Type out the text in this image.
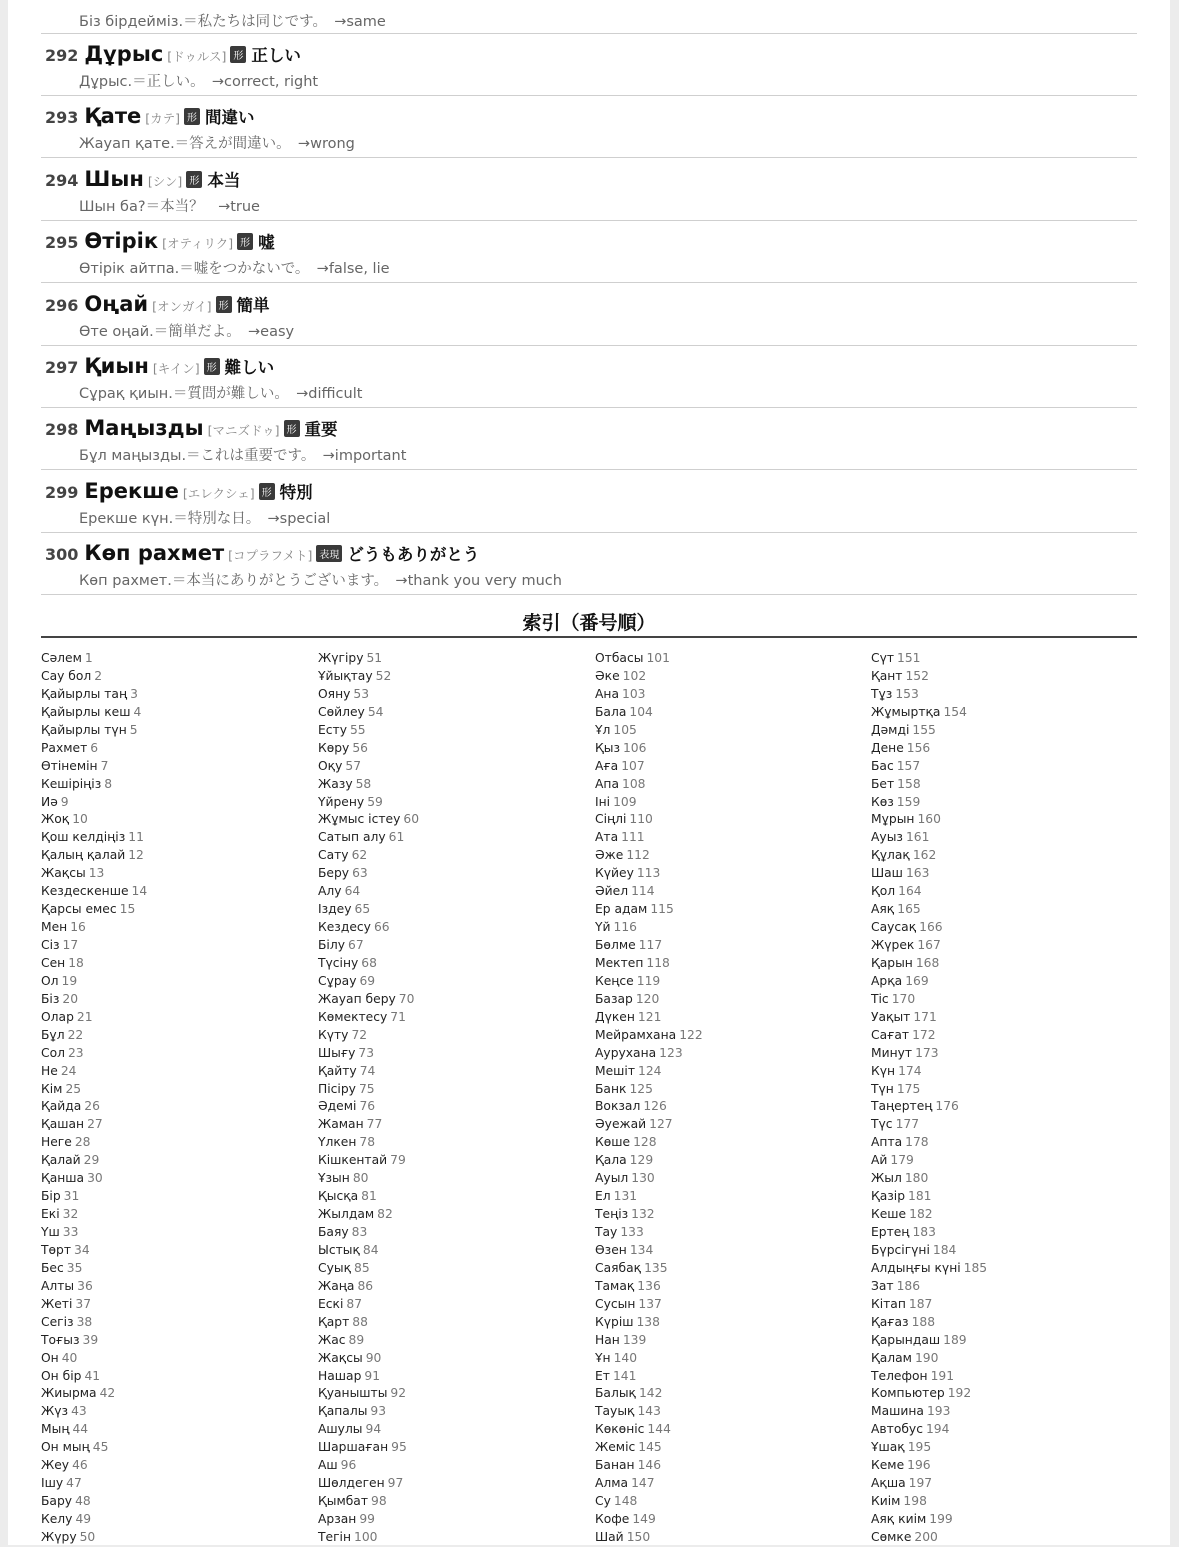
Біз бірдейміз.＝私たちは同じです。　→same
292 Дұрыс [ドゥルス] 形 正しい
Дұрыс.＝正しい。　→correct, right
293 Қате [カテ] 形 間違い
Жауап қате.＝答えが間違い。　→wrong
294 Шын [シン] 形 本当
Шын ба?＝本当？　→true
295 Өтірік [オティリク] 形 嘘
Өтірік айтпа.＝嘘をつかないで。　→false, lie
296 Оңай [オンガイ] 形 簡単
Өте оңай.＝簡単だよ。　→easy
297 Қиын [キイン] 形 難しい
Сұрақ қиын.＝質問が難しい。　→difficult
298 Маңызды [マニズドゥ] 形 重要
Бұл маңызды.＝これは重要です。　→important
299 Ерекше [エレクシェ] 形 特別
Ерекше күн.＝特別な日。　→special
300 Көп рахмет [コプラフメト] 表現 どうもありがとう
Көп рахмет.＝本当にありがとうございます。　→thank you very much
索引（番号順）
Сәлем 1
Сау бол 2
Қайырлы таң 3
Қайырлы кеш 4
Қайырлы түн 5
Рахмет 6
Өтінемін 7
Кешіріңіз 8
Иә 9
Жоқ 10
Қош келдіңіз 11
Қалың қалай 12
Жақсы 13
Кездескенше 14
Қарсы емес 15
Мен 16
Сіз 17
Сен 18
Ол 19
Біз 20
Олар 21
Бұл 22
Сол 23
Не 24
Кім 25
Қайда 26
Қашан 27
Неге 28
Қалай 29
Қанша 30
Бір 31
Екі 32
Үш 33
Төрт 34
Бес 35
Алты 36
Жеті 37
Сегіз 38
Тоғыз 39
Он 40
Он бір 41
Жиырма 42
Жүз 43
Мың 44
Он мың 45
Жеу 46
Ішу 47
Бару 48
Келу 49
Жүру 50
Жүгіру 51
Ұйықтау 52
Ояну 53
Сөйлеу 54
Есту 55
Көру 56
Оқу 57
Жазу 58
Үйрену 59
Жұмыс істеу 60
Сатып алу 61
Сату 62
Беру 63
Алу 64
Іздеу 65
Кездесу 66
Білу 67
Түсіну 68
Сұрау 69
Жауап беру 70
Көмектесу 71
Күту 72
Шығу 73
Қайту 74
Пісіру 75
Әдемі 76
Жаман 77
Үлкен 78
Кішкентай 79
Ұзын 80
Қысқа 81
Жылдам 82
Баяу 83
Ыстық 84
Суық 85
Жаңа 86
Ескі 87
Қарт 88
Жас 89
Жақсы 90
Нашар 91
Қуанышты 92
Қапалы 93
Ашулы 94
Шаршаған 95
Аш 96
Шөлдеген 97
Қымбат 98
Арзан 99
Тегін 100
Отбасы 101
Әке 102
Ана 103
Бала 104
Ұл 105
Қыз 106
Аға 107
Апа 108
Іні 109
Сіңлі 110
Ата 111
Әже 112
Күйеу 113
Әйел 114
Ер адам 115
Үй 116
Бөлме 117
Мектеп 118
Кеңсе 119
Базар 120
Дүкен 121
Мейрамхана 122
Аурухана 123
Мешіт 124
Банк 125
Вокзал 126
Әуежай 127
Көше 128
Қала 129
Ауыл 130
Ел 131
Теңіз 132
Тау 133
Өзен 134
Саябақ 135
Тамақ 136
Сусын 137
Күріш 138
Нан 139
Ұн 140
Ет 141
Балық 142
Тауық 143
Көкөніс 144
Жеміс 145
Банан 146
Алма 147
Су 148
Кофе 149
Шай 150
Сүт 151
Қант 152
Тұз 153
Жұмыртқа 154
Дәмді 155
Дене 156
Бас 157
Бет 158
Көз 159
Мұрын 160
Ауыз 161
Құлақ 162
Шаш 163
Қол 164
Аяқ 165
Саусақ 166
Жүрек 167
Қарын 168
Арқа 169
Тіс 170
Уақыт 171
Сағат 172
Минут 173
Күн 174
Түн 175
Таңертең 176
Түс 177
Апта 178
Ай 179
Жыл 180
Қазір 181
Кеше 182
Ертең 183
Бүрсігүні 184
Алдыңғы күні 185
Зат 186
Кітап 187
Қағаз 188
Қарындаш 189
Қалам 190
Телефон 191
Компьютер 192
Машина 193
Автобус 194
Ұшақ 195
Кеме 196
Ақша 197
Киім 198
Аяқ киім 199
Сөмке 200
